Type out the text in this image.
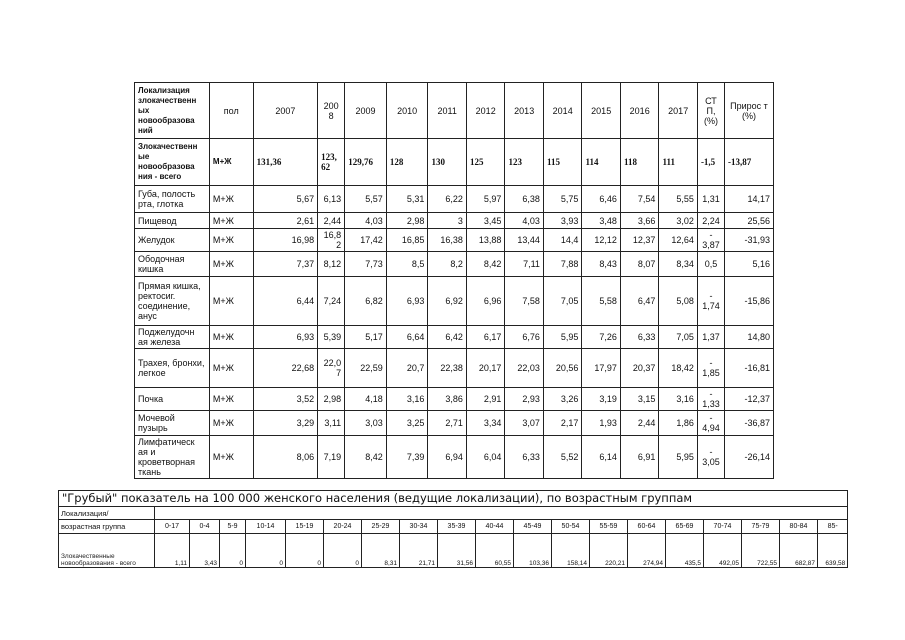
Локализация злокачественн ых новообразова ний	пол	2007	200 8	2009	2010	2011	2012	2013	2014	2015	2016	2017	СТ П, (%)	Прирос т (%)
Злокачественн ые новообразова ния - всего	М+Ж	131,36	123, 62	129,76	128	130	125	123	115	114	118	111	-1,5	-13,87
Губа, полость рта, глотка	М+Ж	5,67	6,13	5,57	5,31	6,22	5,97	6,38	5,75	6,46	7,54	5,55	1,31	14,17
Пищевод	М+Ж	2,61	2,44	4,03	2,98	3	3,45	4,03	3,93	3,48	3,66	3,02	2,24	25,56
Желудок	М+Ж	16,98	16,8 2	17,42	16,85	16,38	13,88	13,44	14,4	12,12	12,37	12,64	- 3,87	-31,93
Ободочная кишка	М+Ж	7,37	8,12	7,73	8,5	8,2	8,42	7,11	7,88	8,43	8,07	8,34	0,5	5,16
Прямая кишка, ректосиг. соединение, анус	М+Ж	6,44	7,24	6,82	6,93	6,92	6,96	7,58	7,05	5,58	6,47	5,08	- 1,74	-15,86
Поджелудочн ая железа	М+Ж	6,93	5,39	5,17	6,64	6,42	6,17	6,76	5,95	7,26	6,33	7,05	1,37	14,80
Трахея, бронхи, легкое	М+Ж	22,68	22,0 7	22,59	20,7	22,38	20,17	22,03	20,56	17,97	20,37	18,42	- 1,85	-16,81
Почка	М+Ж	3,52	2,98	4,18	3,16	3,86	2,91	2,93	3,26	3,19	3,15	3,16	- 1,33	-12,37
Мочевой пузырь	М+Ж	3,29	3,11	3,03	3,25	2,71	3,34	3,07	2,17	1,93	2,44	1,86	- 4,94	-36,87
Лимфатическ ая и кроветворная ткань	М+Ж	8,06	7,19	8,42	7,39	6,94	6,04	6,33	5,52	6,14	6,91	5,95	- 3,05	-26,14
"Грубый" показатель на 100 000 женского населения (ведущие локализации), по возрастным группам
Локализация/																			
возрастная группа	0-17	0-4	5-9	10-14	15-19	20-24	25-29	30-34	35-39	40-44	45-49	50-54	55-59	60-64	65-69	70-74	75-79	80-84	85-
Злокачественные новообразования - всего	1,11	3,43	0	0	0	0	8,31	21,71	31,56	60,55	103,36	158,14	220,21	274,94	435,5	492,05	722,55	682,87	639,58
